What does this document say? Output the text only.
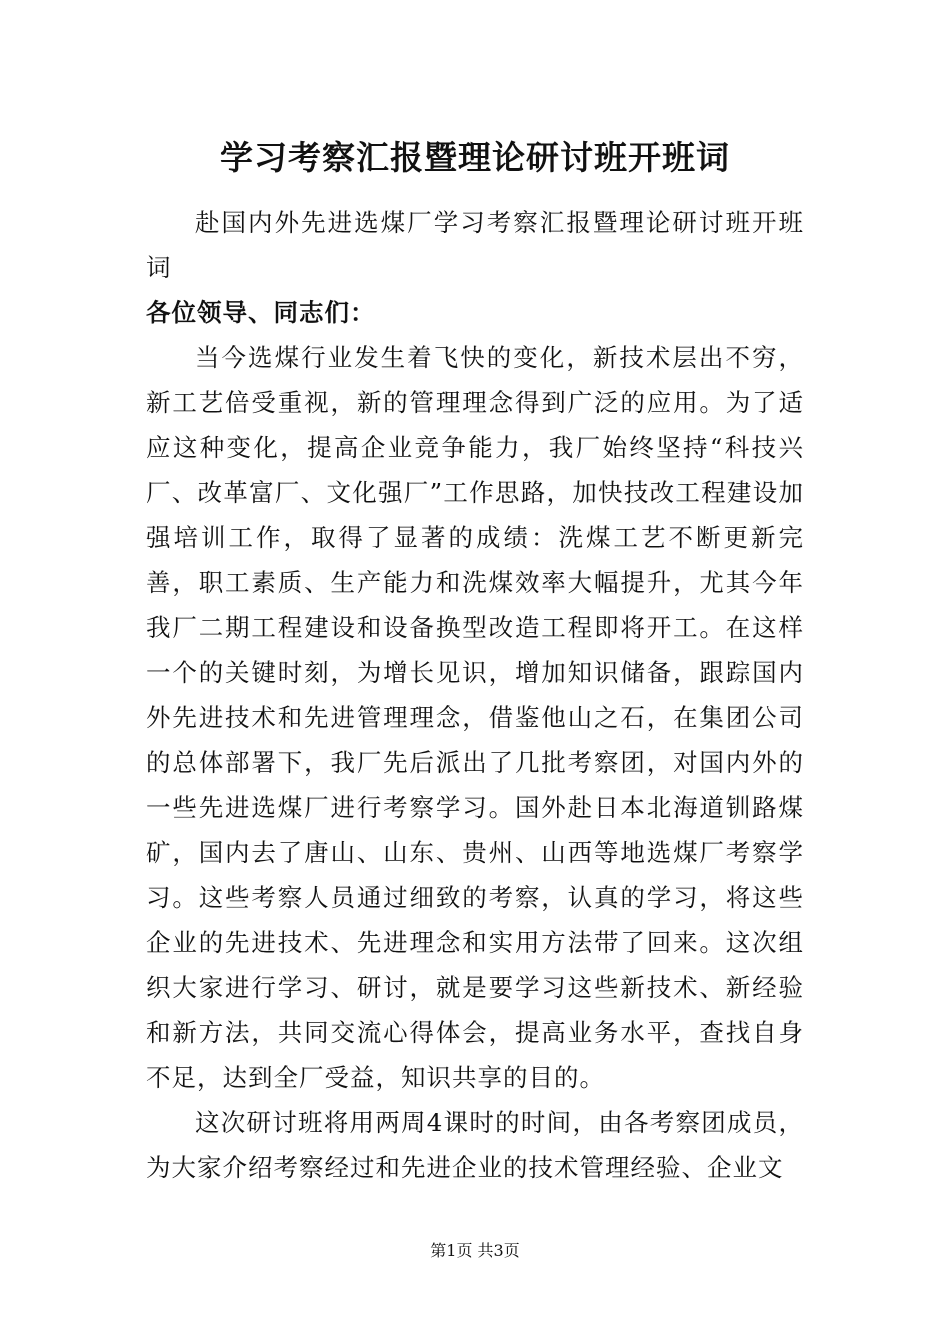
学习考察汇报暨理论研讨班开班词

赴国内外先进选煤厂学习考察汇报暨理论研讨班开班词

各位领导、同志们：

当今选煤行业发生着飞快的变化，新技术层出不穷，新工艺倍受重视，新的管理理念得到广泛的应用。为了适应这种变化，提高企业竞争能力，我厂始终坚持“科技兴厂、改革富厂、文化强厂”工作思路，加快技改工程建设加强培训工作，取得了显著的成绩：洗煤工艺不断更新完善，职工素质、生产能力和洗煤效率大幅提升，尤其今年我厂二期工程建设和设备换型改造工程即将开工。在这样一个的关键时刻，为增长见识，增加知识储备，跟踪国内外先进技术和先进管理理念，借鉴他山之石，在集团公司的总体部署下，我厂先后派出了几批考察团，对国内外的一些先进选煤厂进行考察学习。国外赴日本北海道钏路煤矿，国内去了唐山、山东、贵州、山西等地选煤厂考察学习。这些考察人员通过细致的考察，认真的学习，将这些企业的先进技术、先进理念和实用方法带了回来。这次组织大家进行学习、研讨，就是要学习这些新技术、新经验和新方法，共同交流心得体会，提高业务水平，查找自身不足，达到全厂受益，知识共享的目的。

这次研讨班将用两周4课时的时间，由各考察团成员，为大家介绍考察经过和先进企业的技术管理经验、企业文

第1页 共3页
